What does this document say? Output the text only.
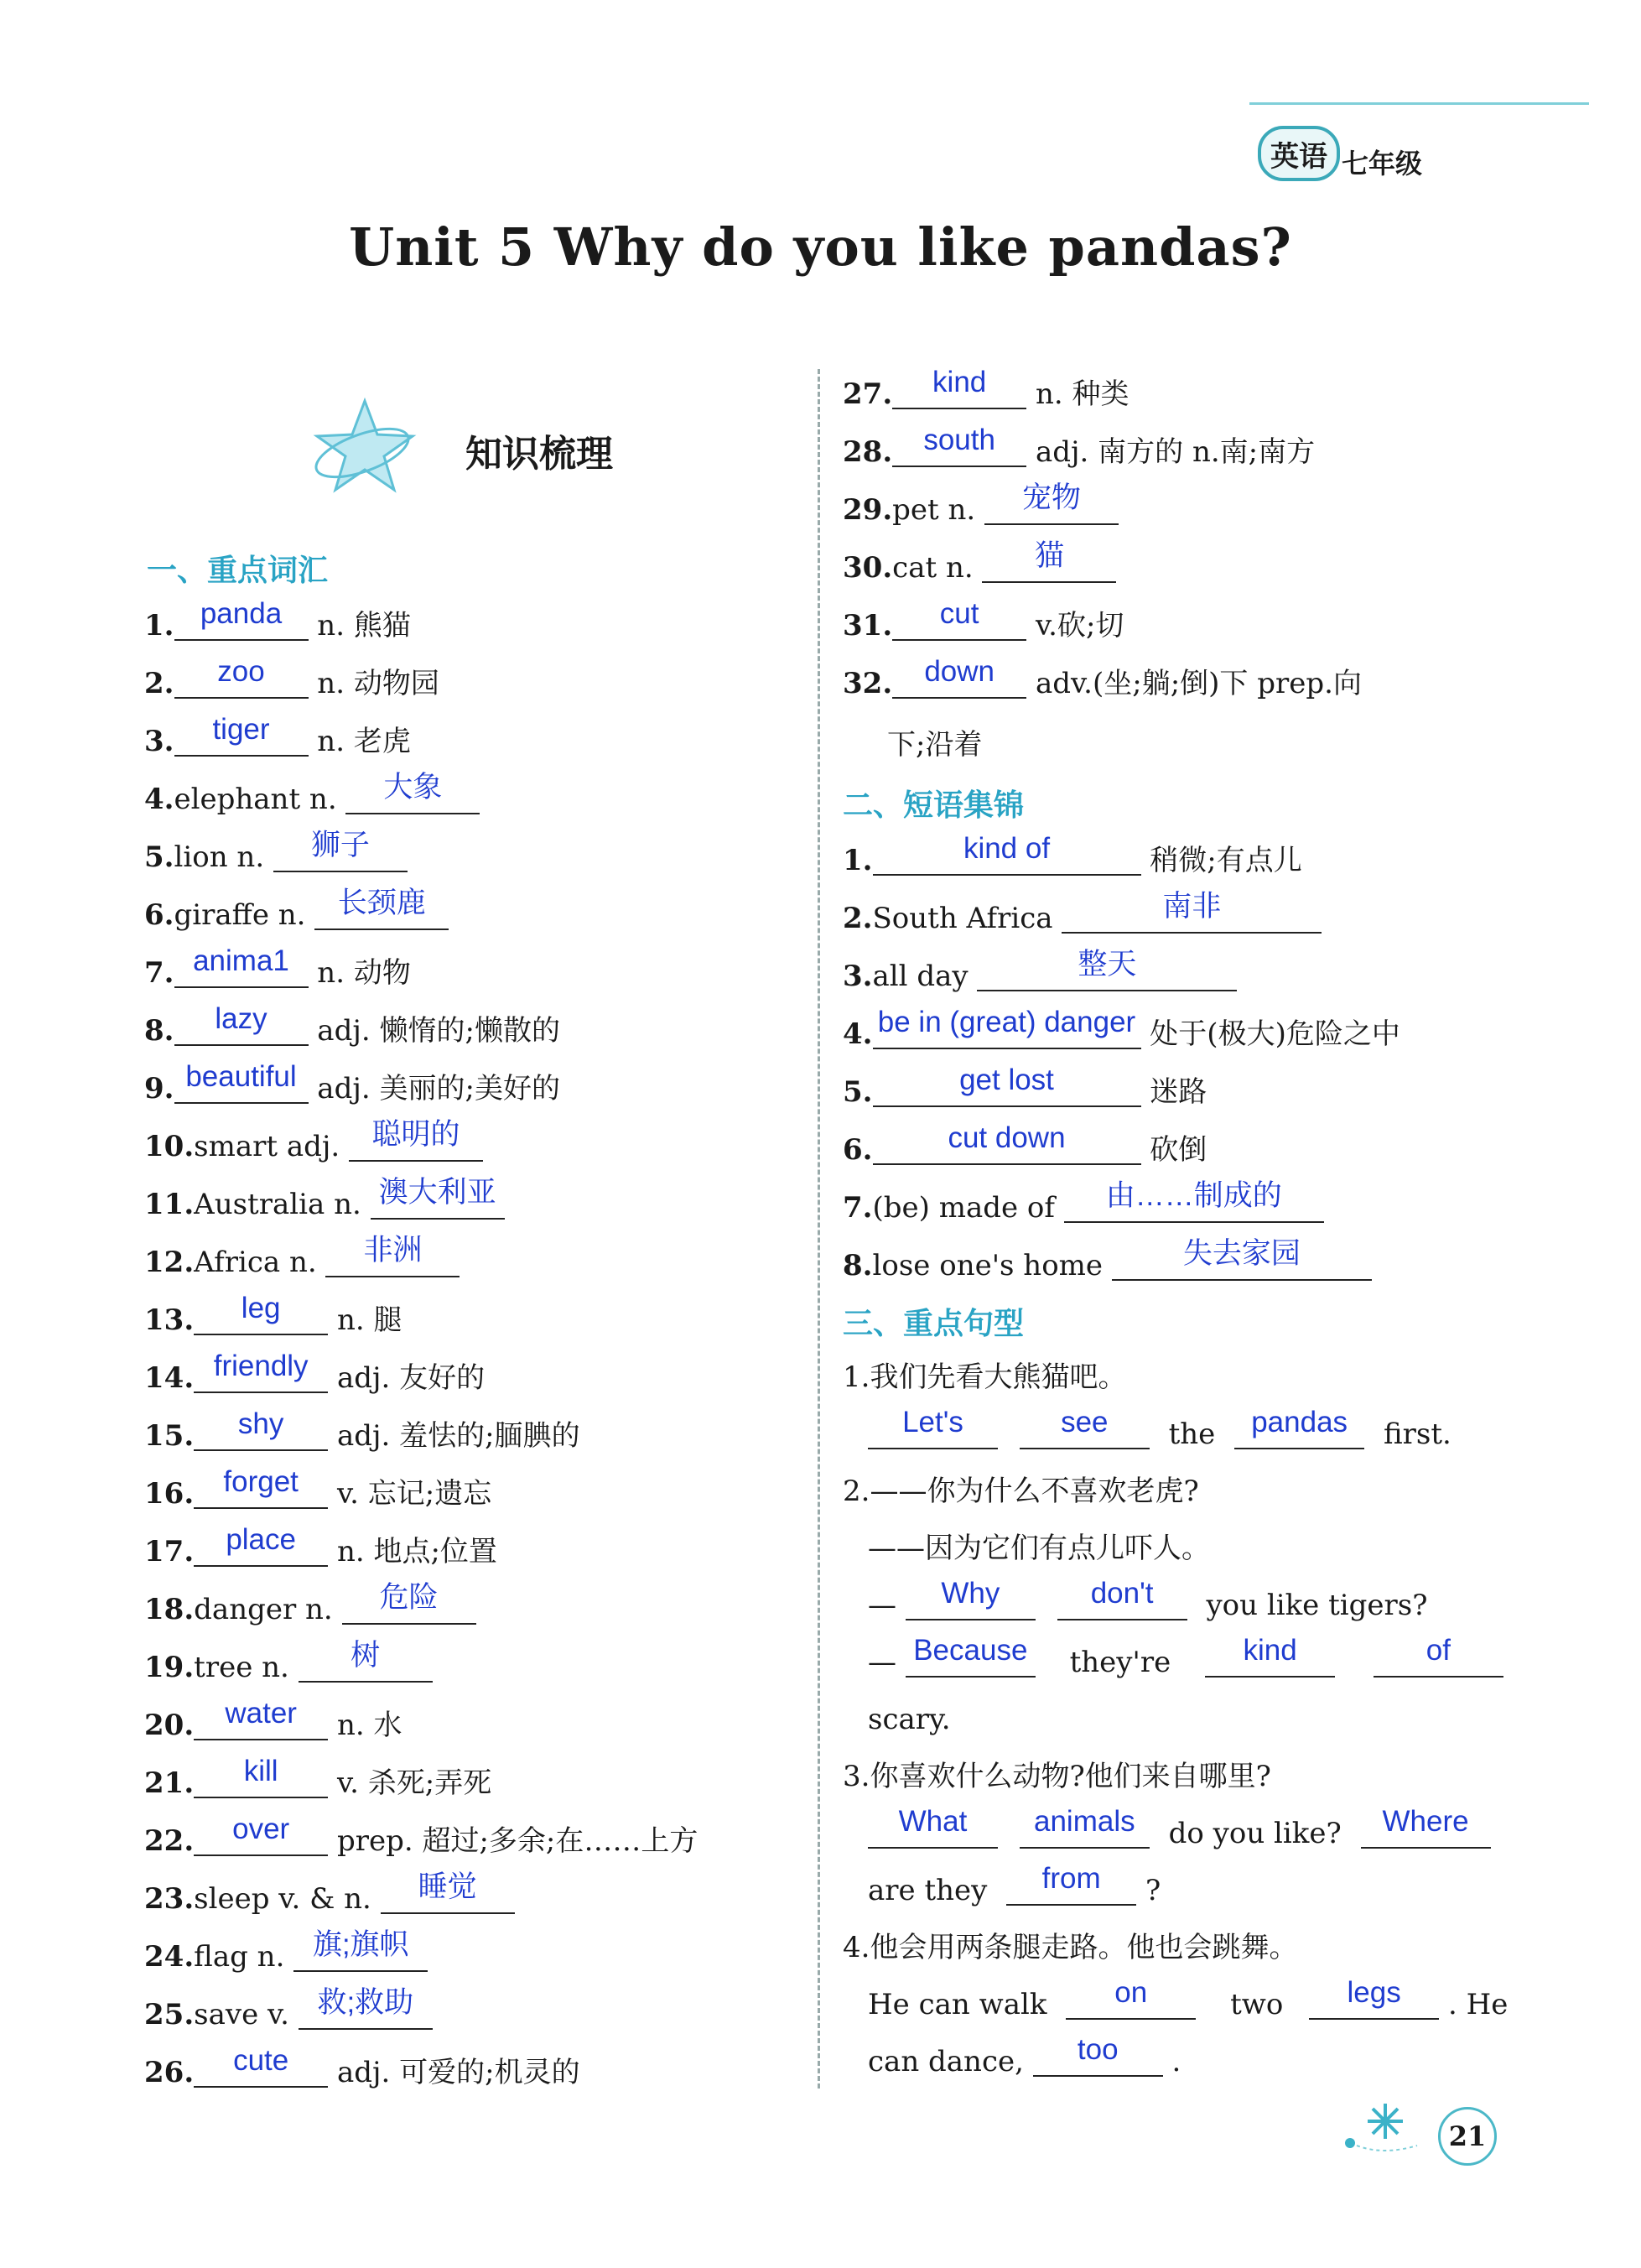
英语 七年级
Unit 5 Why do you like pandas?
知识梳理
一、重点词汇
1. panda n. 熊猫
2. zoo n. 动物园
3. tiger n. 老虎
4.elephant n. 大象
5.lion n. 狮子
6.giraffe n. 长颈鹿
7. anima1 n. 动物
8. lazy adj. 懒惰的;懒散的
9. beautiful adj. 美丽的;美好的
10.smart adj. 聪明的
11.Australia n. 澳大利亚
12.Africa n. 非洲
13. leg n. 腿
14. friendly adj. 友好的
15. shy adj. 羞怯的;腼腆的
16. forget v. 忘记;遗忘
17. place n. 地点;位置
18.danger n. 危险
19.tree n. 树
20. water n. 水
21. kill v. 杀死;弄死
22. over prep. 超过;多余;在……上方
23.sleep v. & n. 睡觉
24.flag n. 旗;旗帜
25.save v. 救;救助
26. cute adj. 可爱的;机灵的
27. kind n. 种类
28. south adj. 南方的 n.南;南方
29.pet n. 宠物
30.cat n. 猫
31. cut v.砍;切
32. down adv.(坐;躺;倒)下 prep.向
下;沿着
二、短语集锦
1.	kind of	稍微;有点儿
2.South Africa	南非
3.all day	整天
4. be in (great) danger 处于(极大)危险之中
5.	get lost	迷路
6.	cut down	砍倒
7.(be) made of 由……制成的
8.lose one's home 失去家园
三、重点句型
1.我们先看大熊猫吧。
Let's	see the pandas first.
2.——你为什么不喜欢老虎?
——因为它们有点儿吓人。
— Why	don't you like tigers?
— Because they're kind	of
scary.
3.你喜欢什么动物?他们来自哪里?
What animals do you like? Where
are they from ?
4.他会用两条腿走路。他也会跳舞。
He can walk on	two legs . He
can dance, too .
21
